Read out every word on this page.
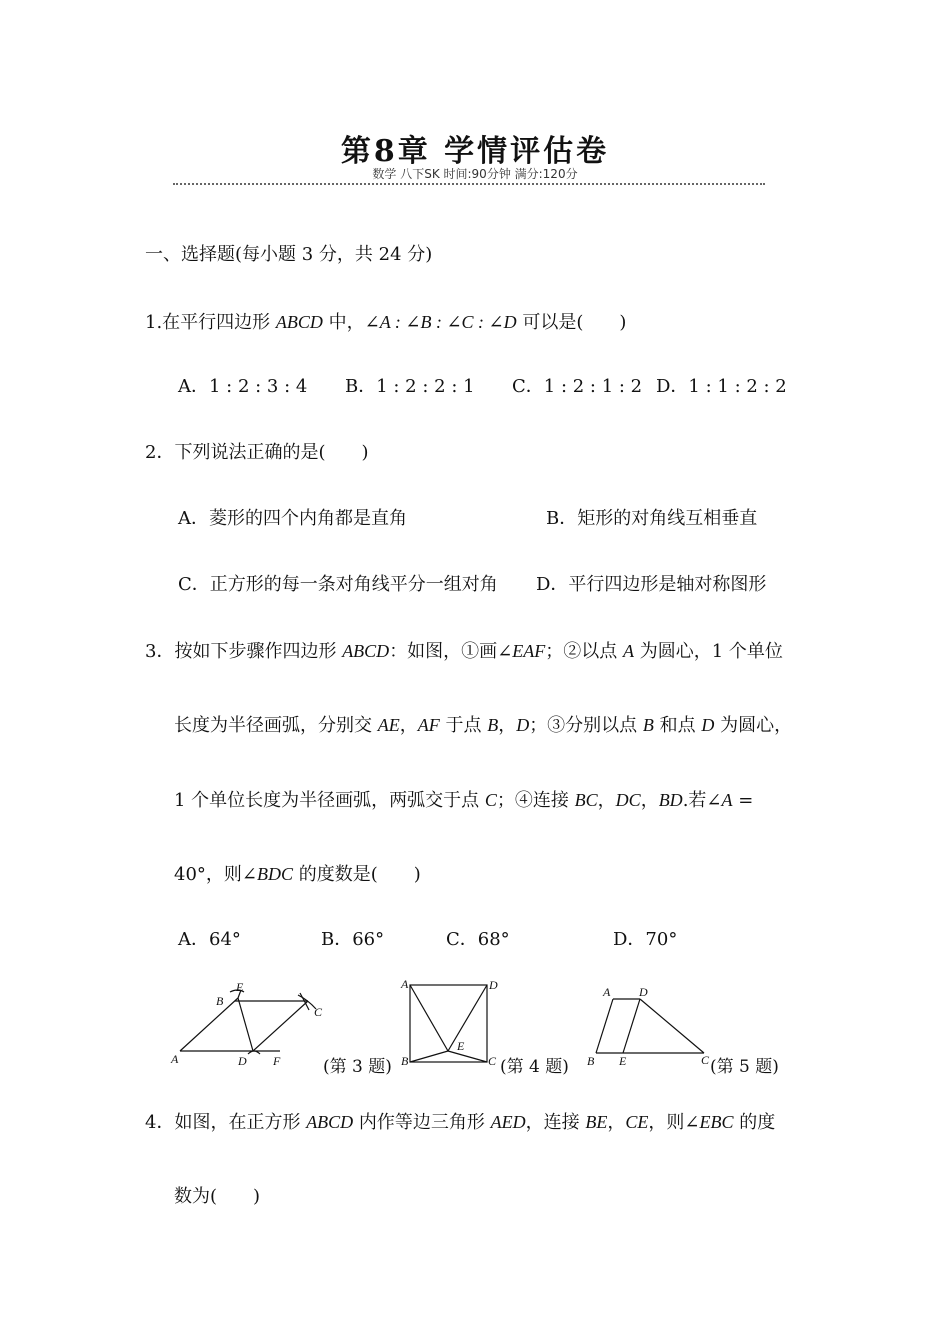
第8章 学情评估卷
数学 八下SK 时间:90分钟 满分:120分
一、选择题(每小题 3 分，共 24 分)
1.在平行四边形 ABCD 中，∠A : ∠B : ∠C : ∠D 可以是(　　)
A．1 : 2 : 3 : 4 B．1 : 2 : 2 : 1 C．1 : 2 : 1 : 2 D．1 : 1 : 2 : 2
2．下列说法正确的是(　　)
A．菱形的四个内角都是直角	B．矩形的对角线互相垂直
C．正方形的每一条对角线平分一组对角 D．平行四边形是轴对称图形
3．按如下步骤作四边形 ABCD：如图，①画∠EAF；②以点 A 为圆心，1 个单位
长度为半径画弧，分别交 AE，AF 于点 B，D；③分别以点 B 和点 D 为圆心，
1 个单位长度为半径画弧，两弧交于点 C；④连接 BC，DC，BD.若∠A =
40°，则∠BDC 的度数是(　　)
A．64°	B．66°	C．68°	D．70°
A
B
C
D
E
F	(第 3 题)
A
B	C
D
E
(第 4 题)
A
B	C
D
E	(第 5 题)
4．如图，在正方形 ABCD 内作等边三角形 AED，连接 BE，CE，则∠EBC 的度
数为(　　)
